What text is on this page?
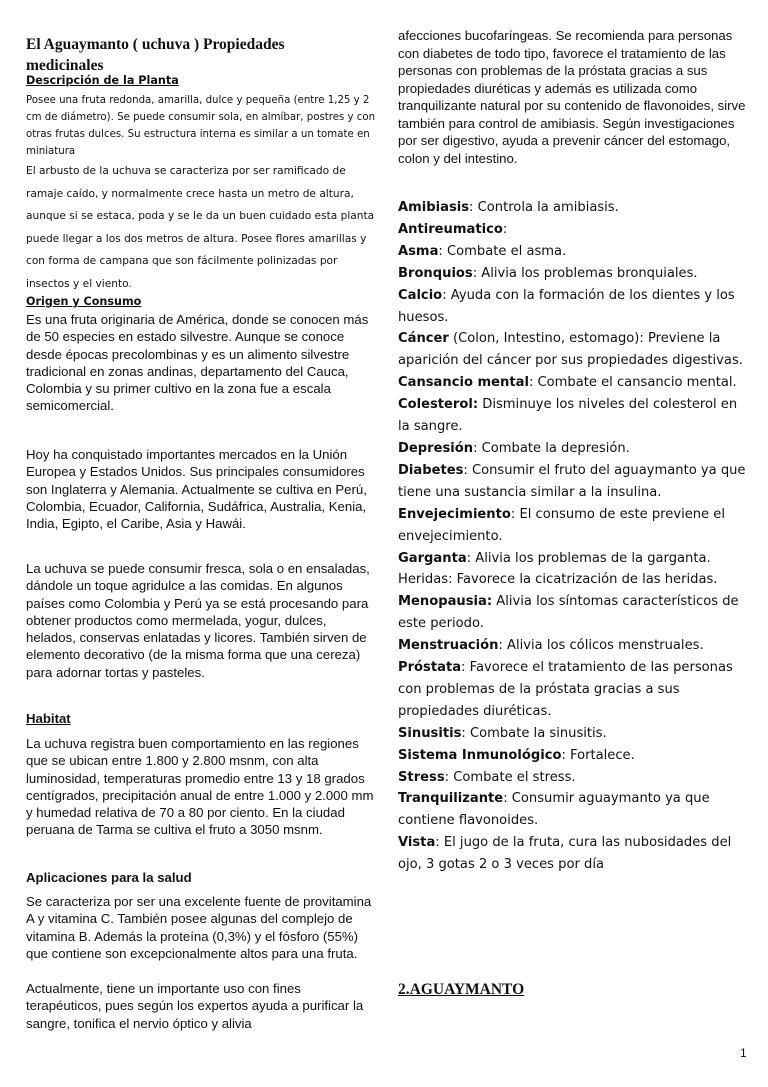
El Aguaymanto ( uchuva ) Propiedades medicinales
Descripción de la Planta

Posee una fruta redonda, amarilla, dulce y pequeña (entre 1,25 y 2 cm de diámetro). Se puede consumir sola, en almíbar, postres y con otras frutas dulces. Su estructura interna es similar a un tomate en miniatura

El arbusto de la uchuva se caracteriza por ser ramificado de ramaje caído, y normalmente crece hasta un metro de altura, aunque si se estaca, poda y se le da un buen cuidado esta planta puede llegar a los dos metros de altura. Posee flores amarillas y con forma de campana que son fácilmente polinizadas por insectos y el viento.

Origen y Consumo

Es una fruta originaria de América, donde se conocen más de 50 especies en estado silvestre. Aunque se conoce desde épocas precolombinas y es un alimento silvestre tradicional en zonas andinas, departamento del Cauca, Colombia y su primer cultivo en la zona fue a escala semicomercial.

Hoy ha conquistado importantes mercados en la Unión Europea y Estados Unidos. Sus principales consumidores son Inglaterra y Alemania. Actualmente se cultiva en Perú, Colombia, Ecuador, California, Sudáfrica, Australia, Kenia, India, Egipto, el Caribe, Asia y Hawái.

La uchuva se puede consumir fresca, sola o en ensaladas, dándole un toque agridulce a las comidas. En algunos países como Colombia y Perú ya se está procesando para obtener productos como mermelada, yogur, dulces, helados, conservas enlatadas y licores. También sirven de elemento decorativo (de la misma forma que una cereza) para adornar tortas y pasteles.

Habitat

La uchuva registra buen comportamiento en las regiones que se ubican entre 1.800 y 2.800 msnm, con alta luminosidad, temperaturas promedio entre 13 y 18 grados centígrados, precipitación anual de entre 1.000 y 2.000 mm y humedad relativa de 70 a 80 por ciento. En la ciudad peruana de Tarma se cultiva el fruto a 3050 msnm.

Aplicaciones para la salud

Se caracteriza por ser una excelente fuente de provitamina A y vitamina C. También posee algunas del complejo de vitamina B. Además la proteína (0,3%) y el fósforo (55%) que contiene son excepcionalmente altos para una fruta.

Actualmente, tiene un importante uso con fines terapéuticos, pues según los expertos ayuda a purificar la sangre, tonifica el nervio óptico y alivia

afecciones bucofaríngeas. Se recomienda para personas con diabetes de todo tipo, favorece el tratamiento de las personas con problemas de la próstata gracias a sus propiedades diuréticas y además es utilizada como tranquilizante natural por su contenido de flavonoides, sirve también para control de amibiasis. Según investigaciones por ser digestivo, ayuda a prevenir cáncer del estomago, colon y del intestino.

Amibiasis: Controla la amibiasis.

Antireumatico:

Asma: Combate el asma.

Bronquios: Alivia los problemas bronquiales.

Calcio: Ayuda con la formación de los dientes y los huesos.

Cáncer (Colon, Intestino, estomago): Previene la aparición del cáncer por sus propiedades digestivas.

Cansancio mental: Combate el cansancio mental.

Colesterol: Disminuye los niveles del colesterol en la sangre.

Depresión: Combate la depresión.

Diabetes: Consumir el fruto del aguaymanto ya que tiene una sustancia similar a la insulina.

Envejecimiento: El consumo de este previene el envejecimiento.

Garganta: Alivia los problemas de la garganta.

Heridas: Favorece la cicatrización de las heridas.

Menopausia: Alivia los síntomas característicos de este periodo.

Menstruación: Alivia los cólicos menstruales.

Próstata: Favorece el tratamiento de las personas con problemas de la próstata gracias a sus propiedades diuréticas.

Sinusitis: Combate la sinusitis.

Sistema Inmunológico: Fortalece.

Stress: Combate el stress.

Tranquilizante: Consumir aguaymanto ya que contiene flavonoides.

Vista: El jugo de la fruta, cura las nubosidades del ojo, 3 gotas 2 o 3 veces por día

2.AGUAYMANTO
1
